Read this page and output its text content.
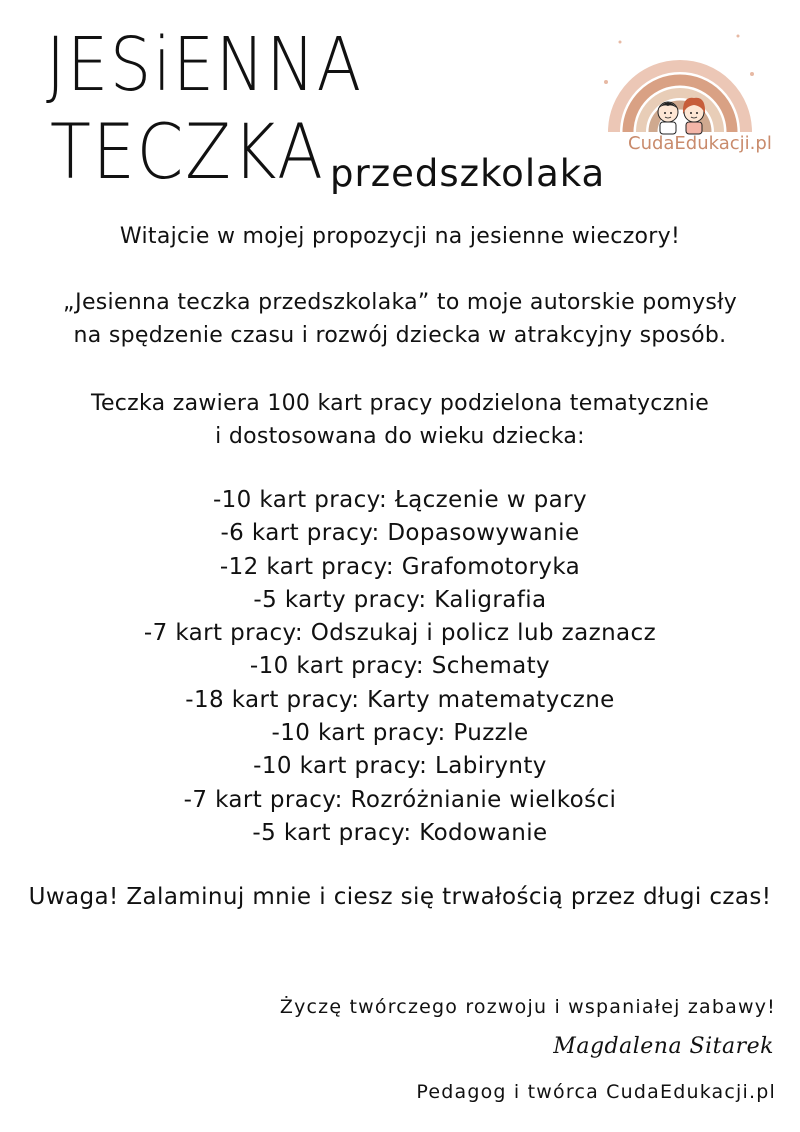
JESiENNA
TECZKA przedszkolaka
CudaEdukacji.pl
Witajcie w mojej propozycji na jesienne wieczory!
„Jesienna teczka przedszkolaka” to moje autorskie pomysły
na spędzenie czasu i rozwój dziecka w atrakcyjny sposób.
Teczka zawiera 100 kart pracy podzielona tematycznie
i dostosowana do wieku dziecka:
-10 kart pracy: Łączenie w pary
-6 kart pracy: Dopasowywanie
-12 kart pracy: Grafomotoryka
-5 karty pracy: Kaligrafia
-7 kart pracy: Odszukaj i policz lub zaznacz
-10 kart pracy: Schematy
-18 kart pracy: Karty matematyczne
-10 kart pracy: Puzzle
-10 kart pracy: Labirynty
-7 kart pracy: Rozróżnianie wielkości
-5 kart pracy: Kodowanie
Uwaga! Zalaminuj mnie i ciesz się trwałością przez długi czas!
Życzę twórczego rozwoju i wspaniałej zabawy!
Magdalena Sitarek
Pedagog i twórca CudaEdukacji.pl
